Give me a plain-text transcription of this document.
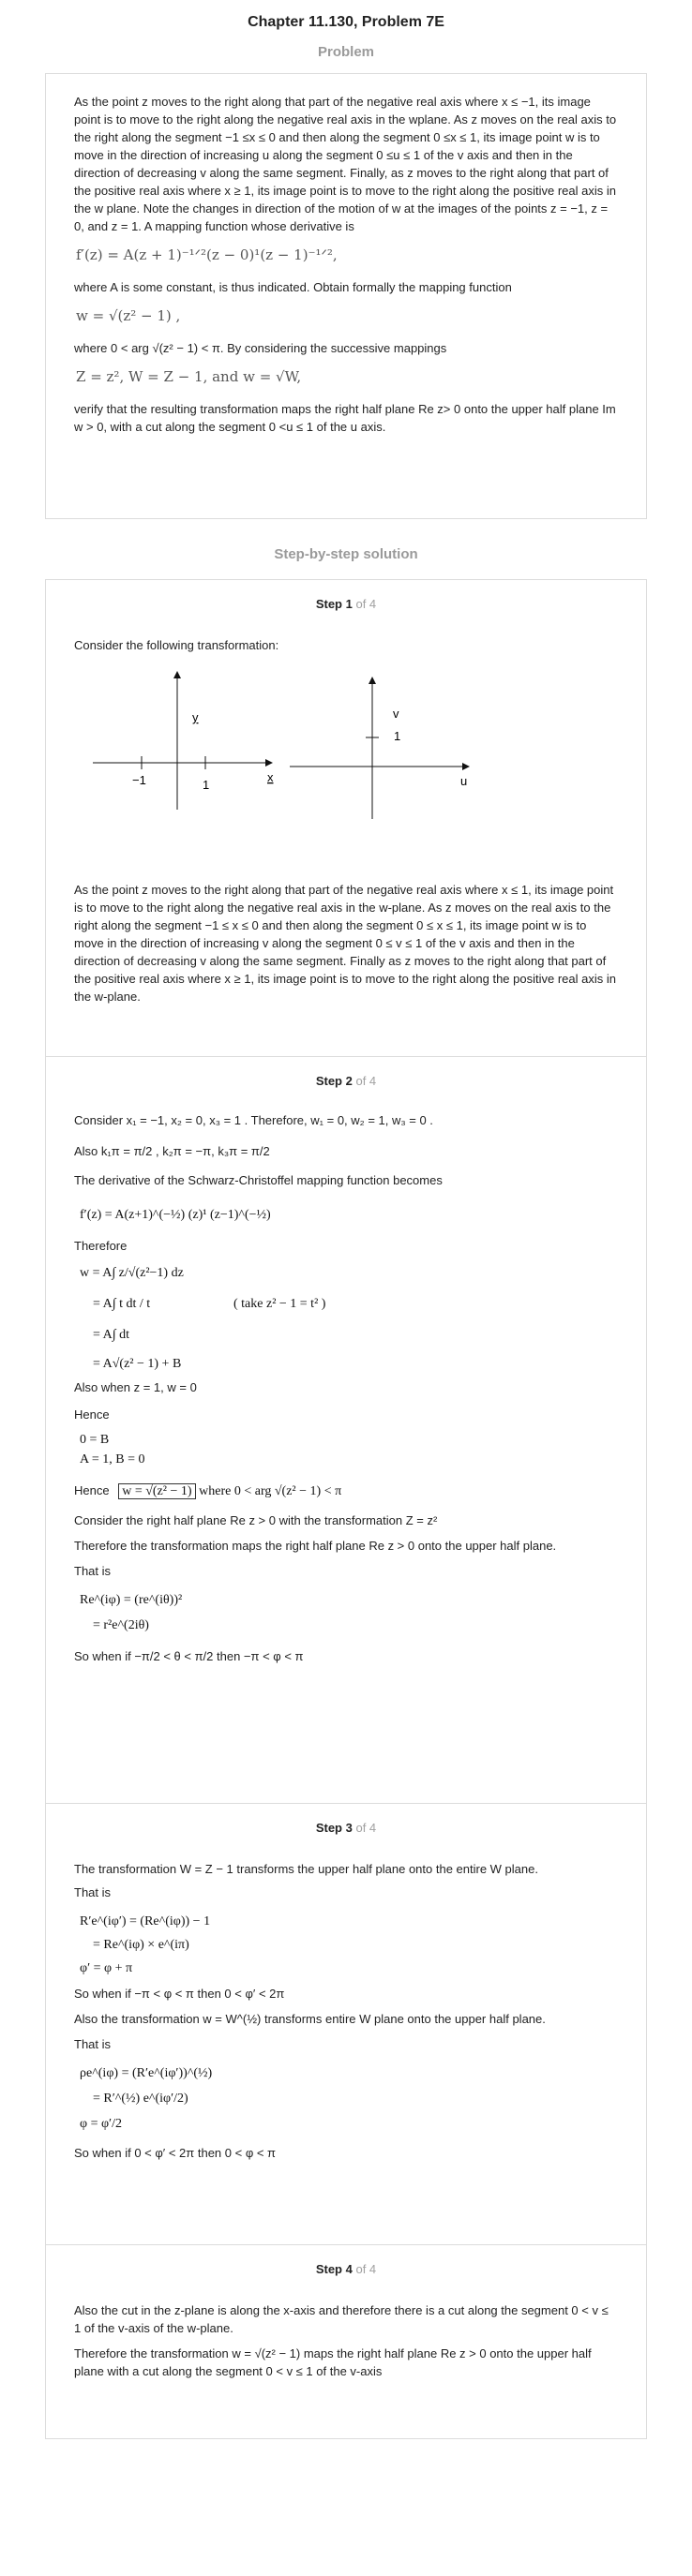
Chapter 11.130, Problem 7E
Problem

As the point z moves to the right along that part of the negative real axis where x ≤ −1, its image point is to move to the right along the negative real axis in the wplane. As z moves on the real axis to the right along the segment −1 ≤x ≤ 0 and then along the segment 0 ≤x ≤ 1, its image point w is to move in the direction of increasing u along the segment 0 ≤u ≤ 1 of the v axis and then in the direction of decreasing v along the same segment. Finally, as z moves to the right along that part of the positive real axis where x ≥ 1, its image point is to move to the right along the positive real axis in the w plane. Note the changes in direction of the motion of w at the images of the points z = −1, z = 0, and z = 1. A mapping function whose derivative is

f′(z) = A(z + 1)⁻¹ᐟ²(z − 0)¹(z − 1)⁻¹ᐟ²,

where A is some constant, is thus indicated. Obtain formally the mapping function

w = √(z² − 1) ,

where 0 < arg √(z² − 1) < π. By considering the successive mappings

Z = z², W = Z − 1, and w = √W,

verify that the resulting transformation maps the right half plane Re z> 0 onto the upper half plane Im w > 0, with a cut along the segment 0 <u ≤ 1 of the u axis.

Step-by-step solution
Step 1 of 4

Consider the following transformation:

y
x
−1	1
v
u
1

As the point z moves to the right along that part of the negative real axis where x ≤ 1, its image point is to move to the right along the negative real axis in the w-plane. As z moves on the real axis to the right along the segment −1 ≤ x ≤ 0 and then along the segment 0 ≤ x ≤ 1, its image point w is to move in the direction of increasing v along the segment 0 ≤ v ≤ 1 of the v axis and then in the direction of decreasing v along the same segment. Finally as z moves to the right along that part of the positive real axis where x ≥ 1, its image point is to move to the right along the positive real axis in the w-plane.

Step 2 of 4

Consider x₁ = −1, x₂ = 0, x₃ = 1 . Therefore, w₁ = 0, w₂ = 1, w₃ = 0 .

Also k₁π = π/2 , k₂π = −π, k₃π = π/2

The derivative of the Schwarz-Christoffel mapping function becomes

f′(z) = A(z+1)^(−½) (z)¹ (z−1)^(−½)

Therefore

w = A∫ z/√(z²−1) dz

= A∫ t dt / t	( take z² − 1 = t² )

= A∫ dt

= A√(z² − 1) + B

Also when z = 1, w = 0

Hence

0 = B

A = 1, B = 0

Hence w = √(z² − 1) where 0 < arg √(z² − 1) < π

Consider the right half plane Re z > 0 with the transformation Z = z²

Therefore the transformation maps the right half plane Re z > 0 onto the upper half plane.

That is

Re^(iφ) = (re^(iθ))²

= r²e^(2iθ)

So when if −π/2 < θ < π/2 then −π < φ < π

Step 3 of 4

The transformation W = Z − 1 transforms the upper half plane onto the entire W plane.

That is

R′e^(iφ′) = (Re^(iφ)) − 1

= Re^(iφ) × e^(iπ)

φ′ = φ + π

So when if −π < φ < π then 0 < φ′ < 2π

Also the transformation w = W^(½) transforms entire W plane onto the upper half plane.

That is

ρe^(iφ) = (R′e^(iφ′))^(½)

= R′^(½) e^(iφ′/2)

φ = φ′/2

So when if 0 < φ′ < 2π then 0 < φ < π

Step 4 of 4

Also the cut in the z-plane is along the x-axis and therefore there is a cut along the segment 0 < v ≤ 1 of the v-axis of the w-plane.

Therefore the transformation w = √(z² − 1) maps the right half plane Re z > 0 onto the upper half plane with a cut along the segment 0 < v ≤ 1 of the v-axis
